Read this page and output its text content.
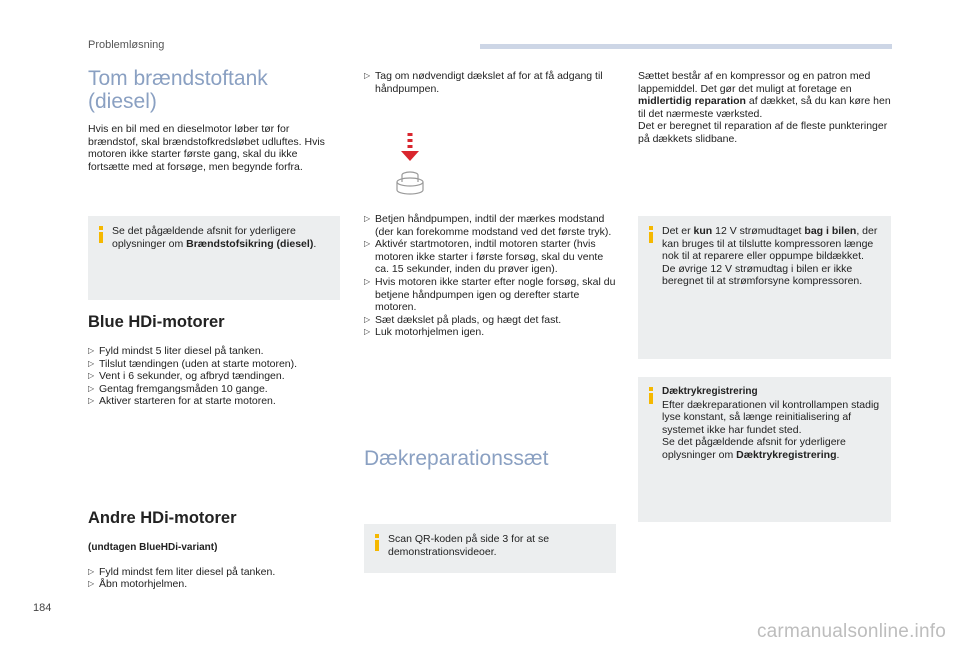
Problemløsning
Tom brændstoftank
(diesel)

Hvis en bil med en dieselmotor løber tør for brændstof, skal brændstofkredsløbet udluftes. Hvis motoren ikke starter første gang, skal du ikke fortsætte med at forsøge, men begynde forfra.

Se det pågældende afsnit for yderligere oplysninger om Brændstofsikring (diesel).
Blue HDi-motorer
▷ Fyld mindst 5 liter diesel på tanken.
▷ Tilslut tændingen (uden at starte motoren).
▷ Vent i 6 sekunder, og afbryd tændingen.
▷ Gentag fremgangsmåden 10 gange.
▷ Aktiver starteren for at starte motoren.
Andre HDi-motorer

(undtagen BlueHDi-variant)

▷ Fyld mindst fem liter diesel på tanken.
▷ Åbn motorhjelmen.
▷ Tag om nødvendigt dækslet af for at få adgang til håndpumpen.
▷ Betjen håndpumpen, indtil der mærkes modstand (der kan forekomme modstand ved det første tryk).
▷ Aktivér startmotoren, indtil motoren starter (hvis motoren ikke starter i første forsøg, skal du vente ca. 15 sekunder, inden du prøver igen).
▷ Hvis motoren ikke starter efter nogle forsøg, skal du betjene håndpumpen igen og derefter starte motoren.
▷ Sæt dækslet på plads, og hægt det fast.
▷ Luk motorhjelmen igen.
Dækreparationssæt
Scan QR-koden på side 3 for at se demonstrationsvideoer.

Sættet består af en kompressor og en patron med lappemiddel. Det gør det muligt at foretage en midlertidig reparation af dækket, så du kan køre hen til det nærmeste værksted.

Det er beregnet til reparation af de fleste punkteringer på dækkets slidbane.

Det er kun 12 V strømudtaget bag i bilen, der kan bruges til at tilslutte kompressoren længe nok til at reparere eller oppumpe bildækket.

De øvrige 12 V strømudtag i bilen er ikke beregnet til at strømforsyne kompressoren.

Dæktrykregistrering

Efter dækreparationen vil kontrollampen stadig lyse konstant, så længe reinitialisering af systemet ikke har fundet sted.

Se det pågældende afsnit for yderligere oplysninger om Dæktrykregistrering.

184
carmanualsonline.info
